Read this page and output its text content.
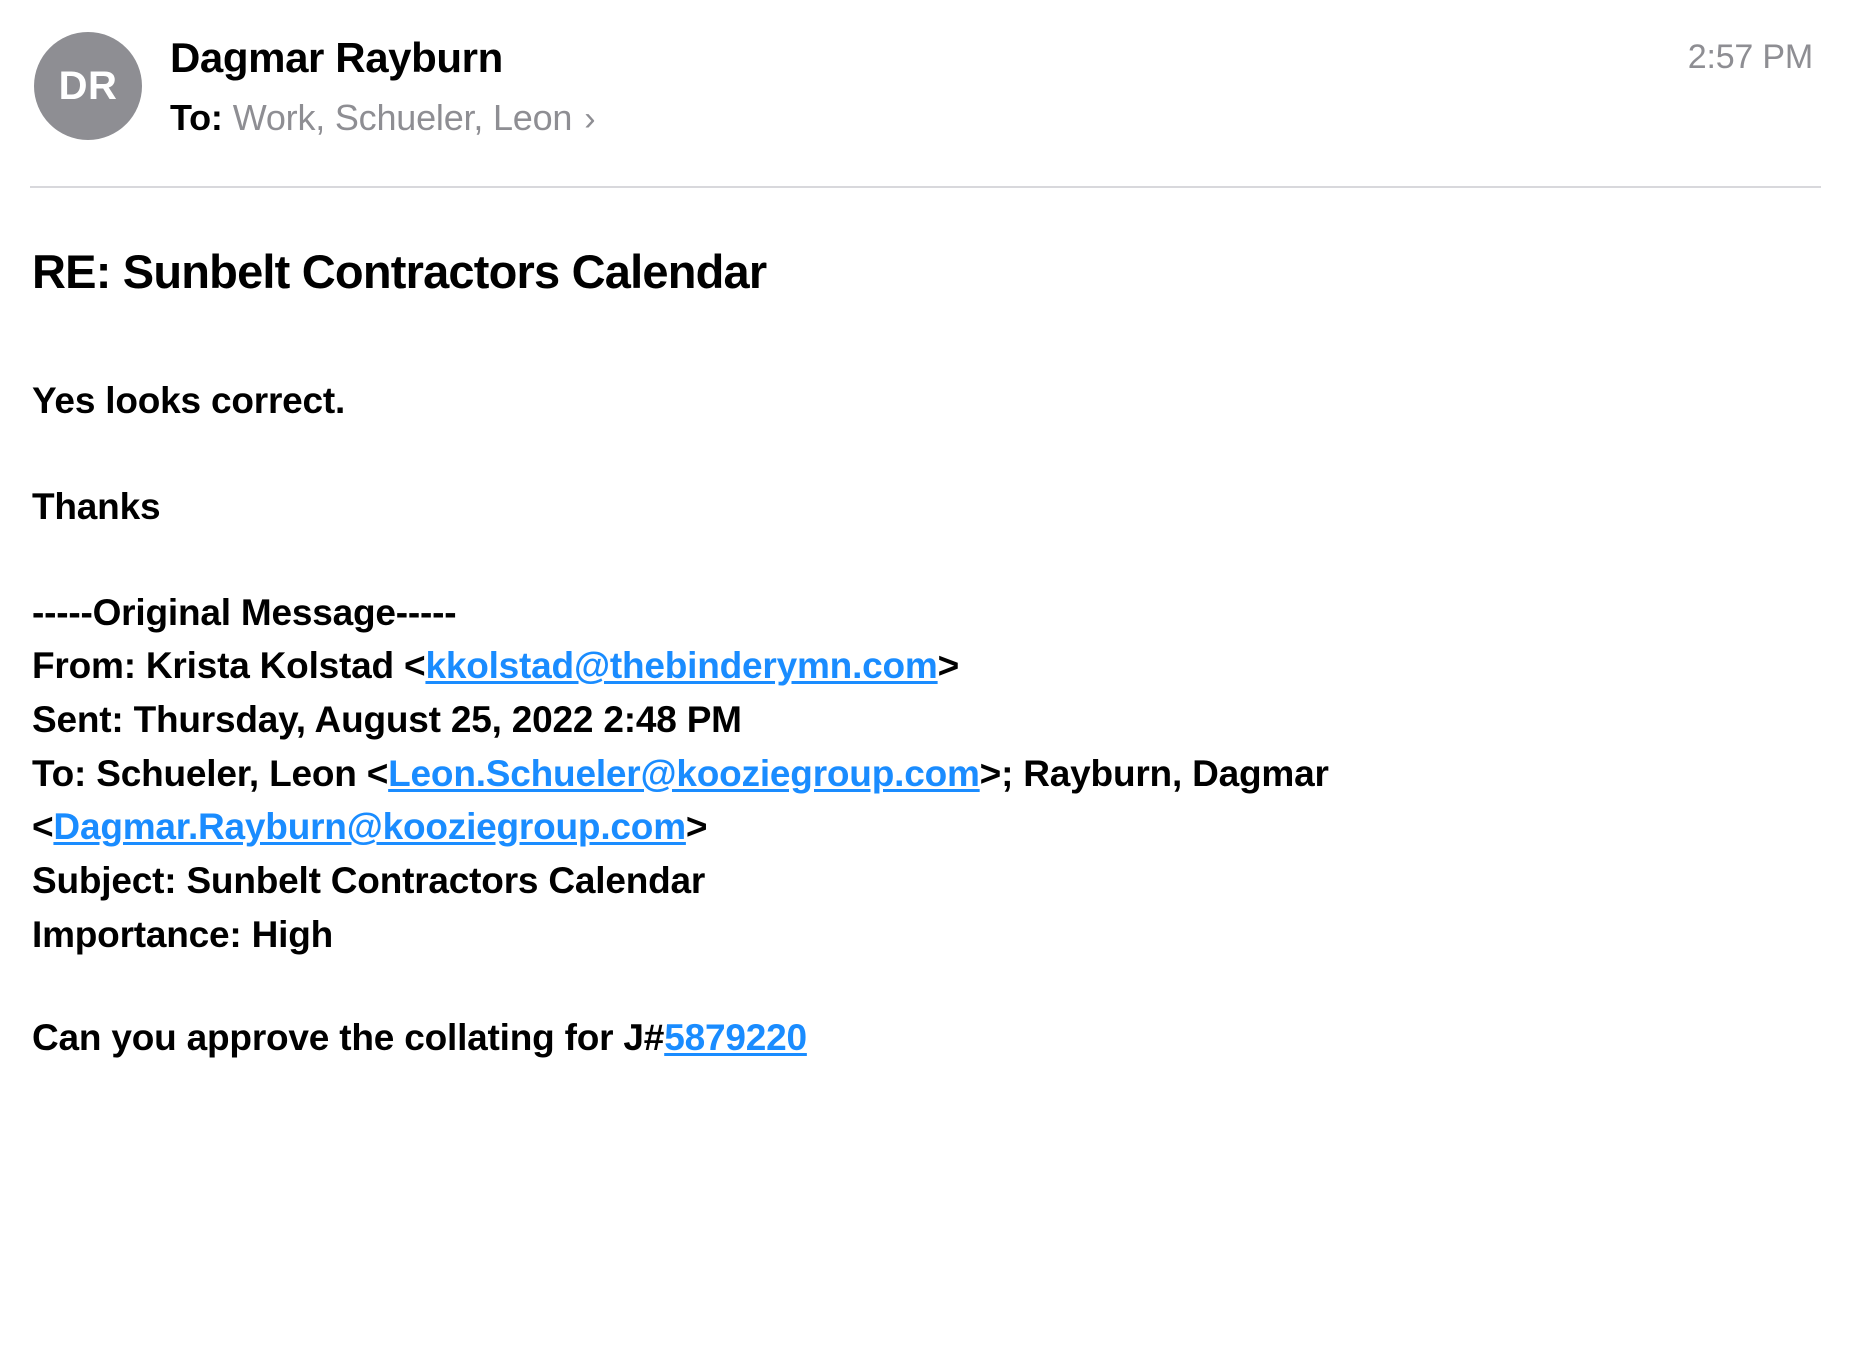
DR
Dagmar Rayburn
To: Work, Schueler, Leon ›
2:57 PM
RE: Sunbelt Contractors Calendar

Yes looks correct.

Thanks

-----Original Message-----
From: Krista Kolstad <kkolstad@thebinderymn.com>
Sent: Thursday, August 25, 2022 2:48 PM
To: Schueler, Leon <Leon.Schueler@kooziegroup.com>; Rayburn, Dagmar <Dagmar.Rayburn@kooziegroup.com>
Subject: Sunbelt Contractors Calendar
Importance: High

Can you approve the collating for J#5879220
